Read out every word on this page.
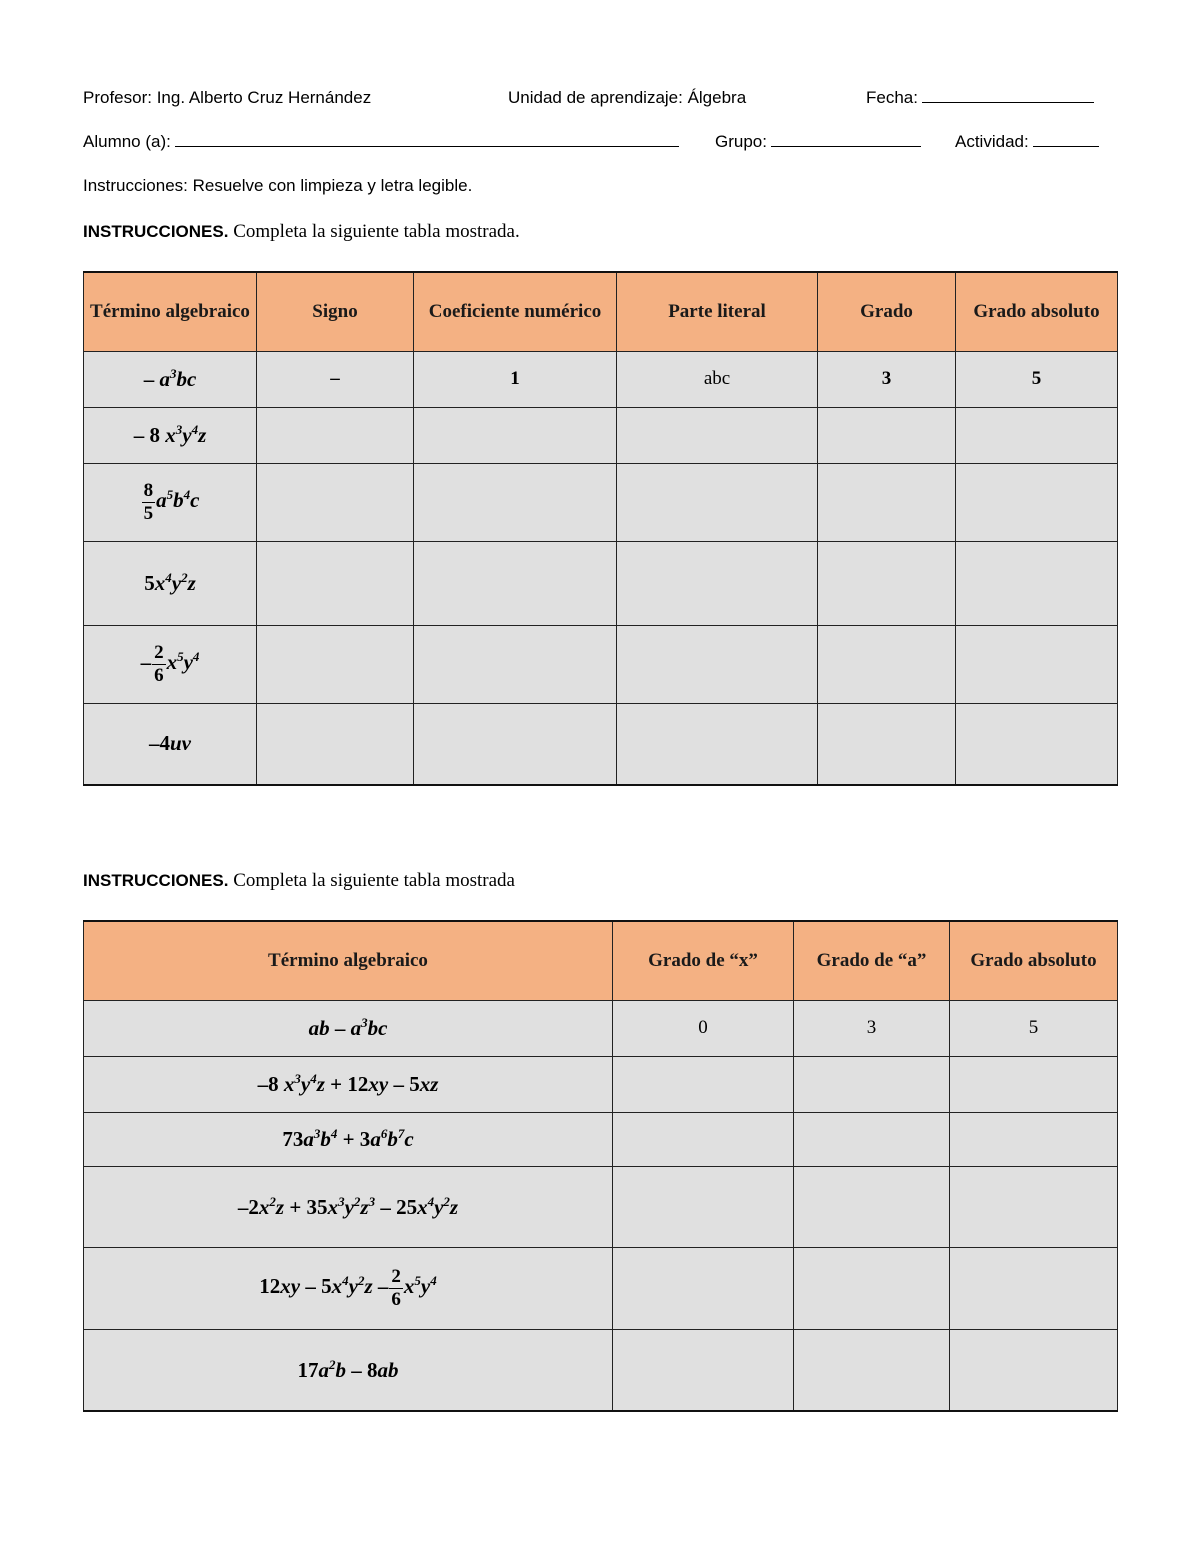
Profesor: Ing. Alberto Cruz Hernández	Unidad de aprendizaje: Álgebra	Fecha:
Alumno (a):	Grupo:	Actividad:
Instrucciones: Resuelve con limpieza y letra legible.
INSTRUCCIONES. Completa la siguiente tabla mostrada.
Término algebraico	Signo	Coeficiente numérico	Parte literal	Grado	Grado absoluto
– $a^3bc$	–	1	abc	3	5
– 8 $x^3y^4z$					

$\frac{8}{5} a^5b^4c$					
$5x^4y^2z$					
– $\frac{2}{6} x^5y^4$					
–4uv					
INSTRUCCIONES. Completa la siguiente tabla mostrada
Término algebraico	Grado de “x”	Grado de “a”	Grado absoluto
ab – $a^3bc$	0	3	5
–8 $x^3y^4z + 12xy - 5xz$			
$73a^3b^4 + 3a^6b^7c$			
$-2x^2z + 35x^3y^2z^3 - 25x^4y^2z$			
$12xy - 5x^4y^2z - \frac{2}{6} x^5y^4$			
$17a^2b - 8ab$			
